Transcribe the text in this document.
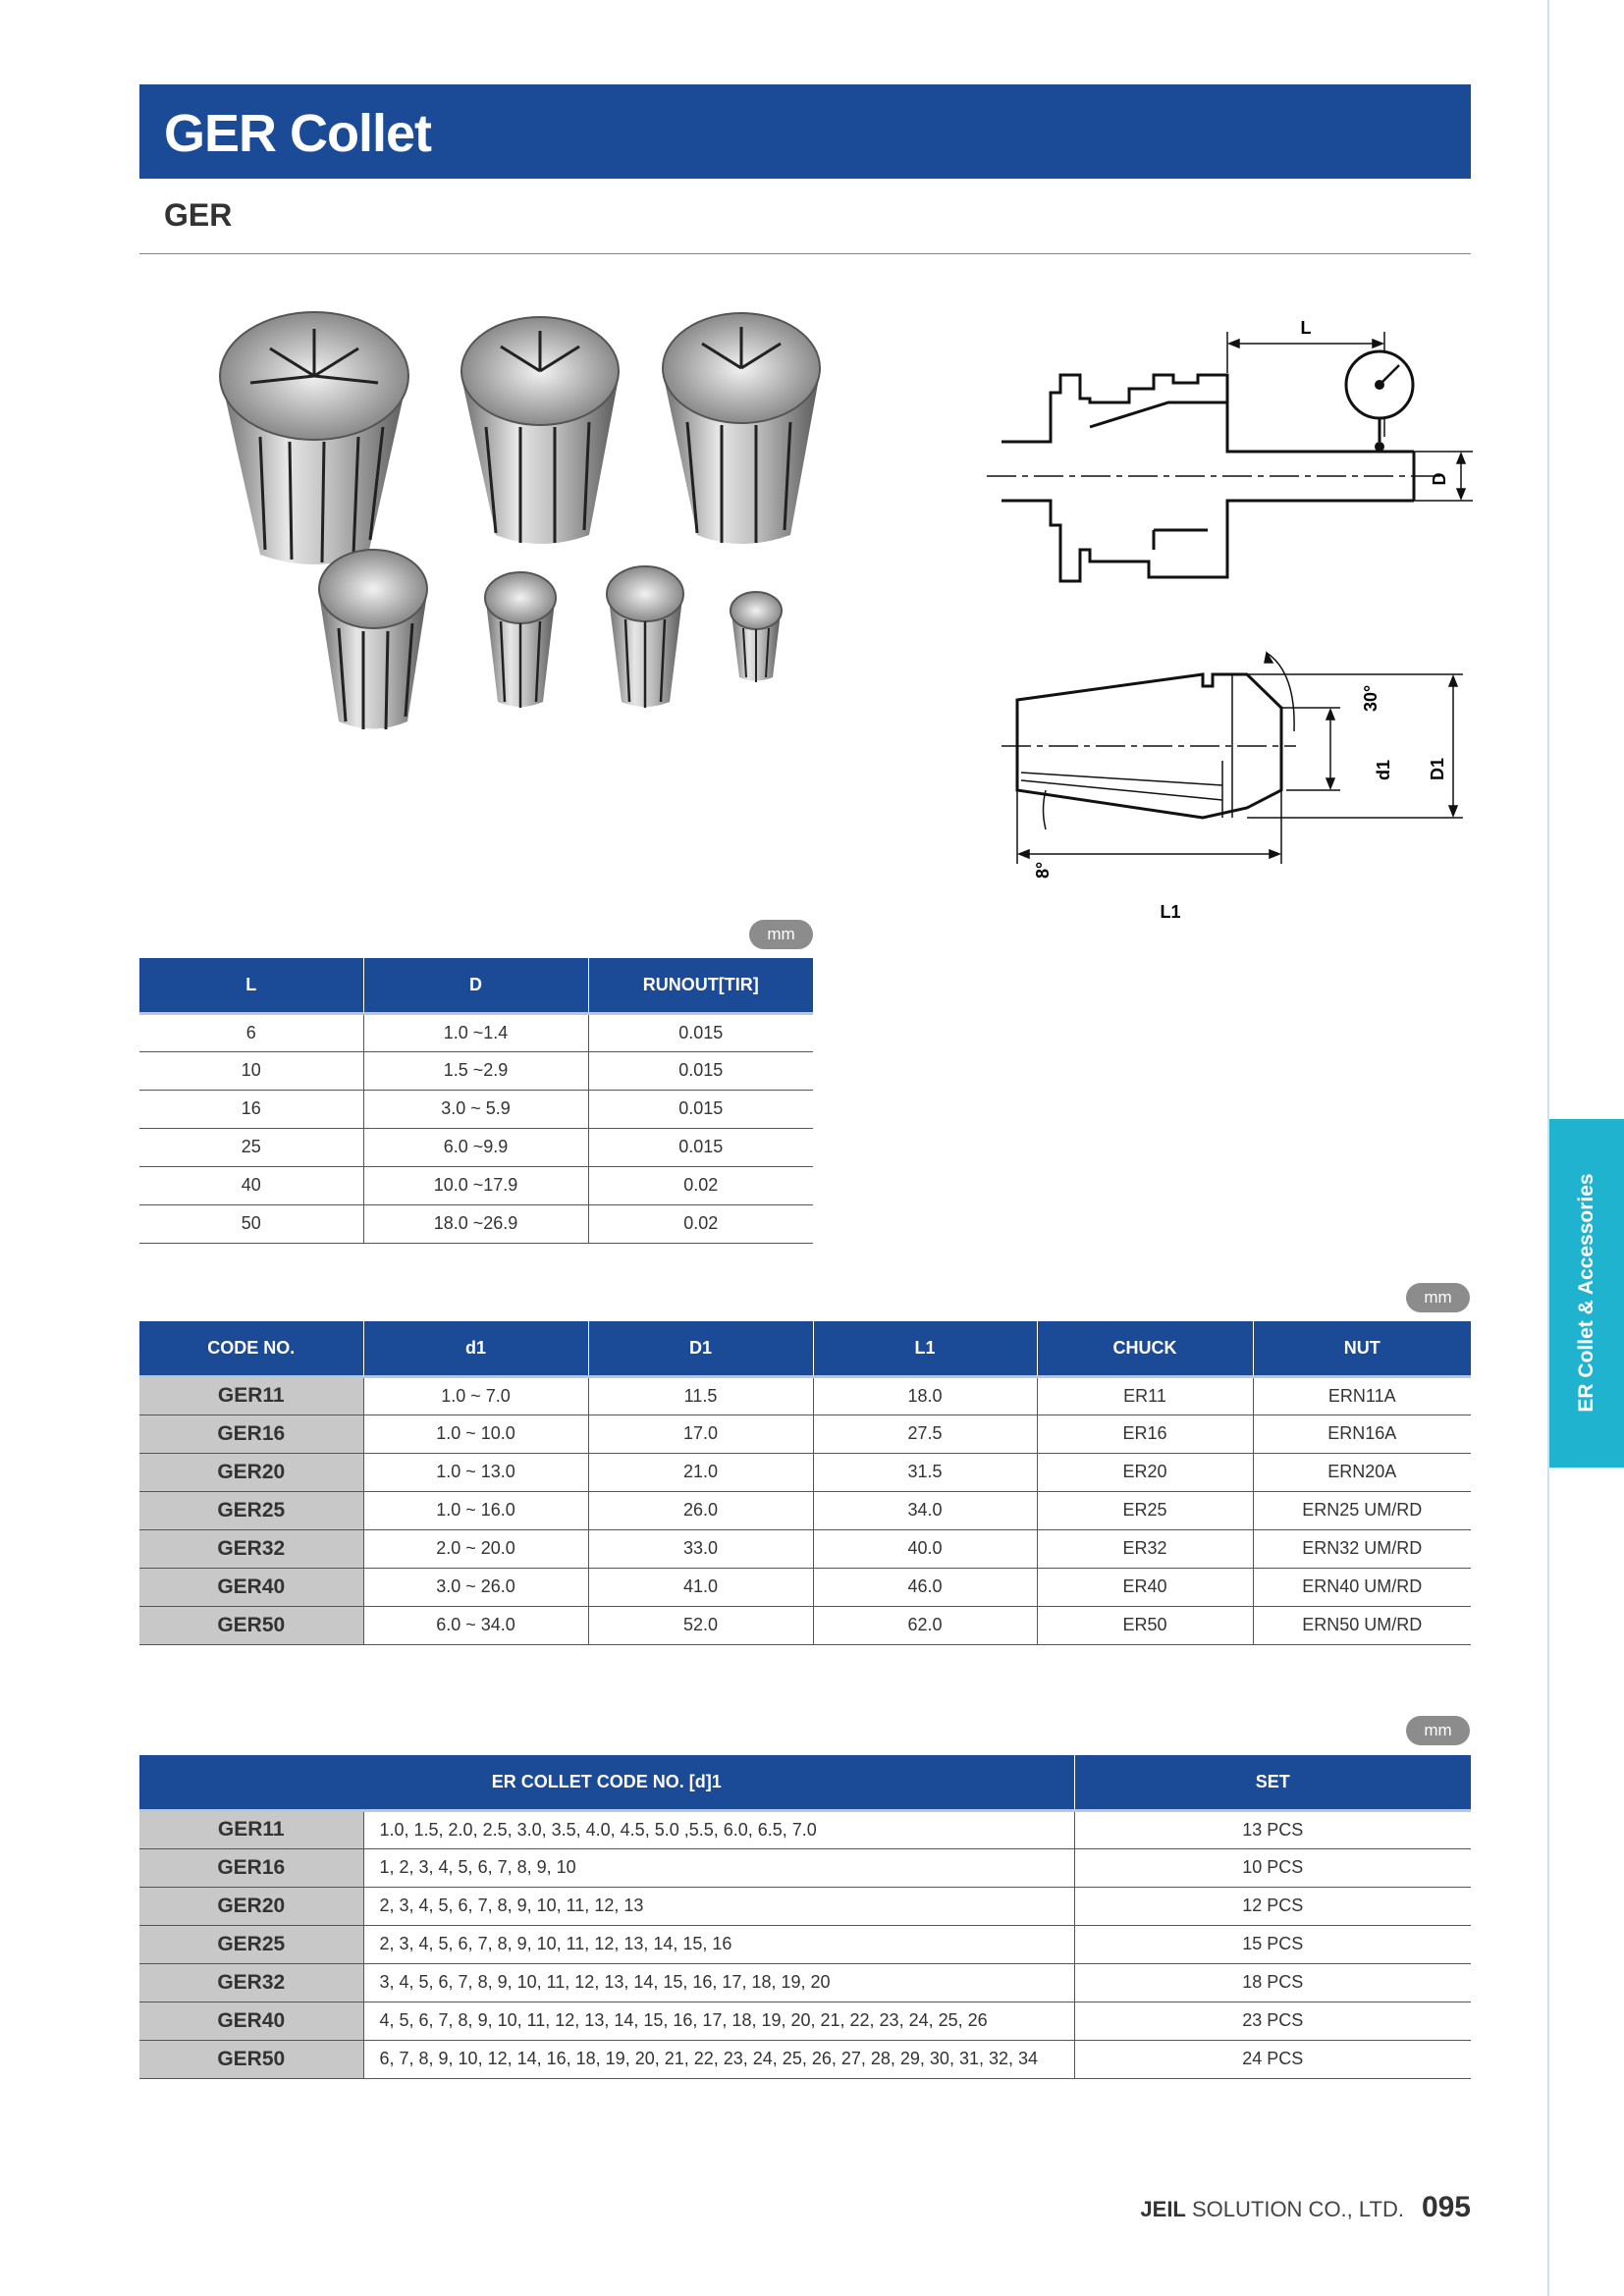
ER Collet & Accessories
GER Collet
GER
L
D
30°
d1 D1
8°
L1
mm
L	D	RUNOUT[TIR]
6	1.0 ~1.4	0.015
10	1.5 ~2.9	0.015
16	3.0 ~ 5.9	0.015
25	6.0 ~9.9	0.015
40	10.0 ~17.9	0.02
50	18.0 ~26.9	0.02
mm
CODE NO.	d1	D1	L1	CHUCK	NUT
GER11	1.0 ~ 7.0	11.5	18.0	ER11	ERN11A
GER16	1.0 ~ 10.0	17.0	27.5	ER16	ERN16A
GER20	1.0 ~ 13.0	21.0	31.5	ER20	ERN20A
GER25	1.0 ~ 16.0	26.0	34.0	ER25	ERN25 UM/RD
GER32	2.0 ~ 20.0	33.0	40.0	ER32	ERN32 UM/RD
GER40	3.0 ~ 26.0	41.0	46.0	ER40	ERN40 UM/RD
GER50	6.0 ~ 34.0	52.0	62.0	ER50	ERN50 UM/RD
mm
ER COLLET CODE NO. [d]1		SET
GER11	1.0, 1.5, 2.0, 2.5, 3.0, 3.5, 4.0, 4.5, 5.0 ,5.5, 6.0, 6.5, 7.0	13 PCS
GER16	1, 2, 3, 4, 5, 6, 7, 8, 9, 10	10 PCS
GER20	2, 3, 4, 5, 6, 7, 8, 9, 10, 11, 12, 13	12 PCS
GER25	2, 3, 4, 5, 6, 7, 8, 9, 10, 11, 12, 13, 14, 15, 16	15 PCS
GER32	3, 4, 5, 6, 7, 8, 9, 10, 11, 12, 13, 14, 15, 16, 17, 18, 19, 20	18 PCS
GER40	4, 5, 6, 7, 8, 9, 10, 11, 12, 13, 14, 15, 16, 17, 18, 19, 20, 21, 22, 23, 24, 25, 26	23 PCS
GER50	6, 7, 8, 9, 10, 12, 14, 16, 18, 19, 20, 21, 22, 23, 24, 25, 26, 27, 28, 29, 30, 31, 32, 34	24 PCS
JEIL SOLUTION CO., LTD. 095
